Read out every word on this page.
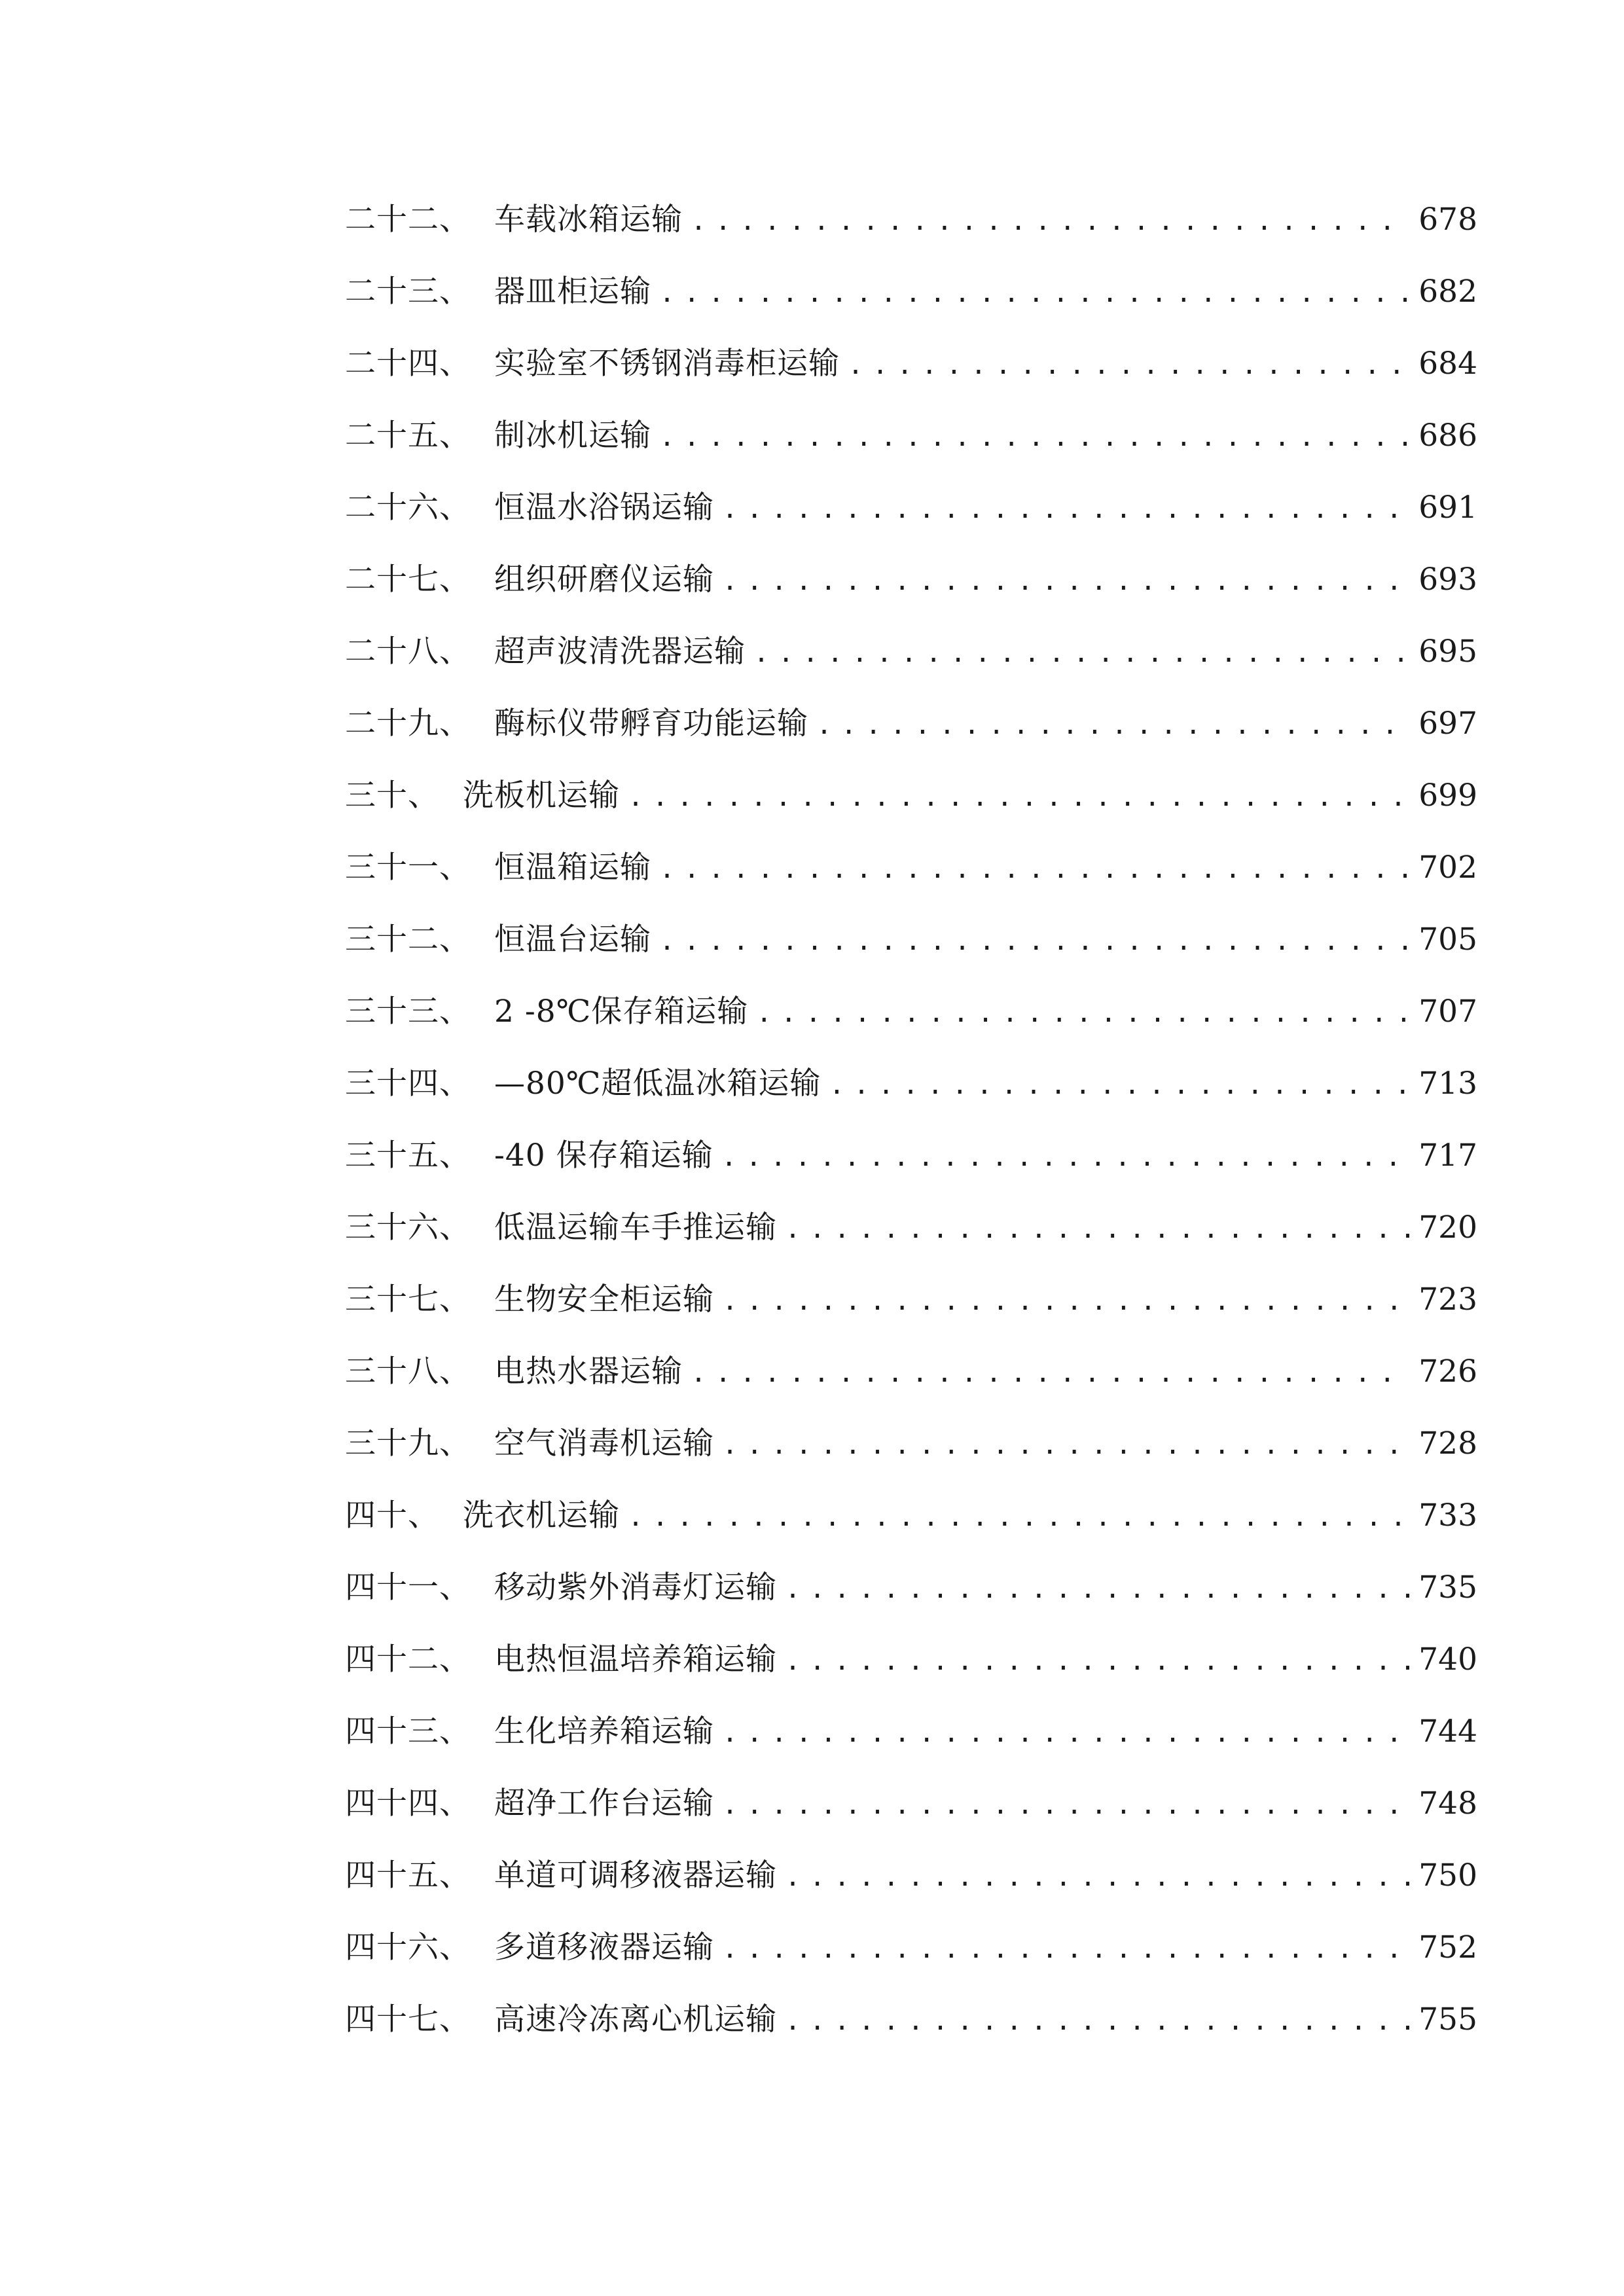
二十二、 车载冰箱运输 .....	678
二十三、 器皿柜运输 .....	682
二十四、 实验室不锈钢消毒柜运输 .....	684
二十五、 制冰机运输 .....	686
二十六、 恒温水浴锅运输 .....	691
二十七、 组织研磨仪运输 .....	693
二十八、 超声波清洗器运输 .....	695
二十九、 酶标仪带孵育功能运输 .....	697
三十、 洗板机运输 .....	699
三十一、 恒温箱运输 .....	702
三十二、 恒温台运输 .....	705
三十三、 2 -8℃保存箱运输 .....	707
三十四、 —80℃超低温冰箱运输 .....	713
三十五、 -40 保存箱运输 .....	717
三十六、 低温运输车手推运输 .....	720
三十七、 生物安全柜运输 .....	723
三十八、 电热水器运输 .....	726
三十九、 空气消毒机运输 .....	728
四十、 洗衣机运输 .....	733
四十一、 移动紫外消毒灯运输 .....	735
四十二、 电热恒温培养箱运输 .....	740
四十三、 生化培养箱运输 .....	744
四十四、 超净工作台运输 .....	748
四十五、 单道可调移液器运输 .....	750
四十六、 多道移液器运输 .....	752
四十七、 高速冷冻离心机运输 .....	755
